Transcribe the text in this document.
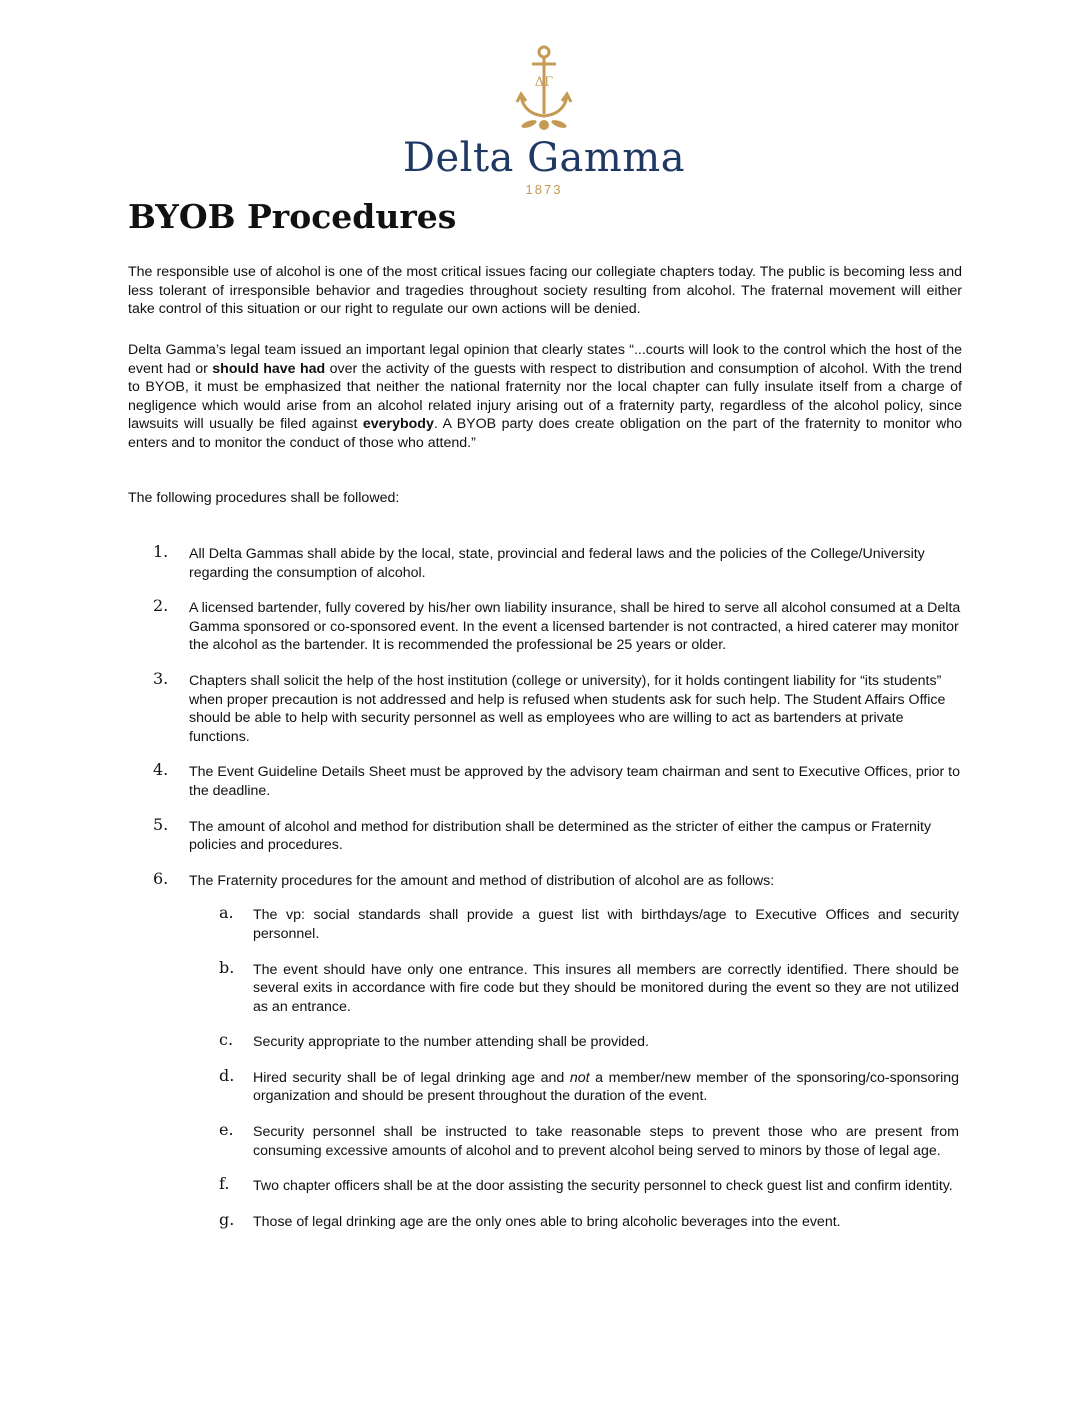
ΔΓ
Delta Gamma
1873
BYOB Procedures

The responsible use of alcohol is one of the most critical issues facing our collegiate chapters today. The public is becoming less and less tolerant of irresponsible behavior and tragedies throughout society resulting from alcohol. The fraternal movement will either take control of this situation or our right to regulate our own actions will be denied.

Delta Gamma’s legal team issued an important legal opinion that clearly states “...courts will look to the control which the host of the event had or should have had over the activity of the guests with respect to distribution and consumption of alcohol. With the trend to BYOB, it must be emphasized that neither the national fraternity nor the local chapter can fully insulate itself from a charge of negligence which would arise from an alcohol related injury arising out of a fraternity party, regardless of the alcohol policy, since lawsuits will usually be filed against everybody. A BYOB party does create obligation on the part of the fraternity to monitor who enters and to monitor the conduct of those who attend.”

The following procedures shall be followed:

1. All Delta Gammas shall abide by the local, state, provincial and federal laws and the policies of the College/University regarding the consumption of alcohol.
2. A licensed bartender, fully covered by his/her own liability insurance, shall be hired to serve all alcohol consumed at a Delta Gamma sponsored or co-sponsored event. In the event a licensed bartender is not contracted, a hired caterer may monitor the alcohol as the bartender. It is recommended the professional be 25 years or older.
3. Chapters shall solicit the help of the host institution (college or university), for it holds contingent liability for “its students” when proper precaution is not addressed and help is refused when students ask for such help. The Student Affairs Office should be able to help with security personnel as well as employees who are willing to act as bartenders at private functions.
4. The Event Guideline Details Sheet must be approved by the advisory team chairman and sent to Executive Offices, prior to the deadline.
5. The amount of alcohol and method for distribution shall be determined as the stricter of either the campus or Fraternity policies and procedures.
6. The Fraternity procedures for the amount and method of distribution of alcohol are as follows:
a. The vp: social standards shall provide a guest list with birthdays/age to Executive Offices and security personnel.
b. The event should have only one entrance. This insures all members are correctly identified. There should be several exits in accordance with fire code but they should be monitored during the event so they are not utilized as an entrance.
c. Security appropriate to the number attending shall be provided.
d. Hired security shall be of legal drinking age and not a member/new member of the sponsoring/co-sponsoring organization and should be present throughout the duration of the event.
e. Security personnel shall be instructed to take reasonable steps to prevent those who are present from consuming excessive amounts of alcohol and to prevent alcohol being served to minors by those of legal age.
f. Two chapter officers shall be at the door assisting the security personnel to check guest list and confirm identity.
g. Those of legal drinking age are the only ones able to bring alcoholic beverages into the event.
